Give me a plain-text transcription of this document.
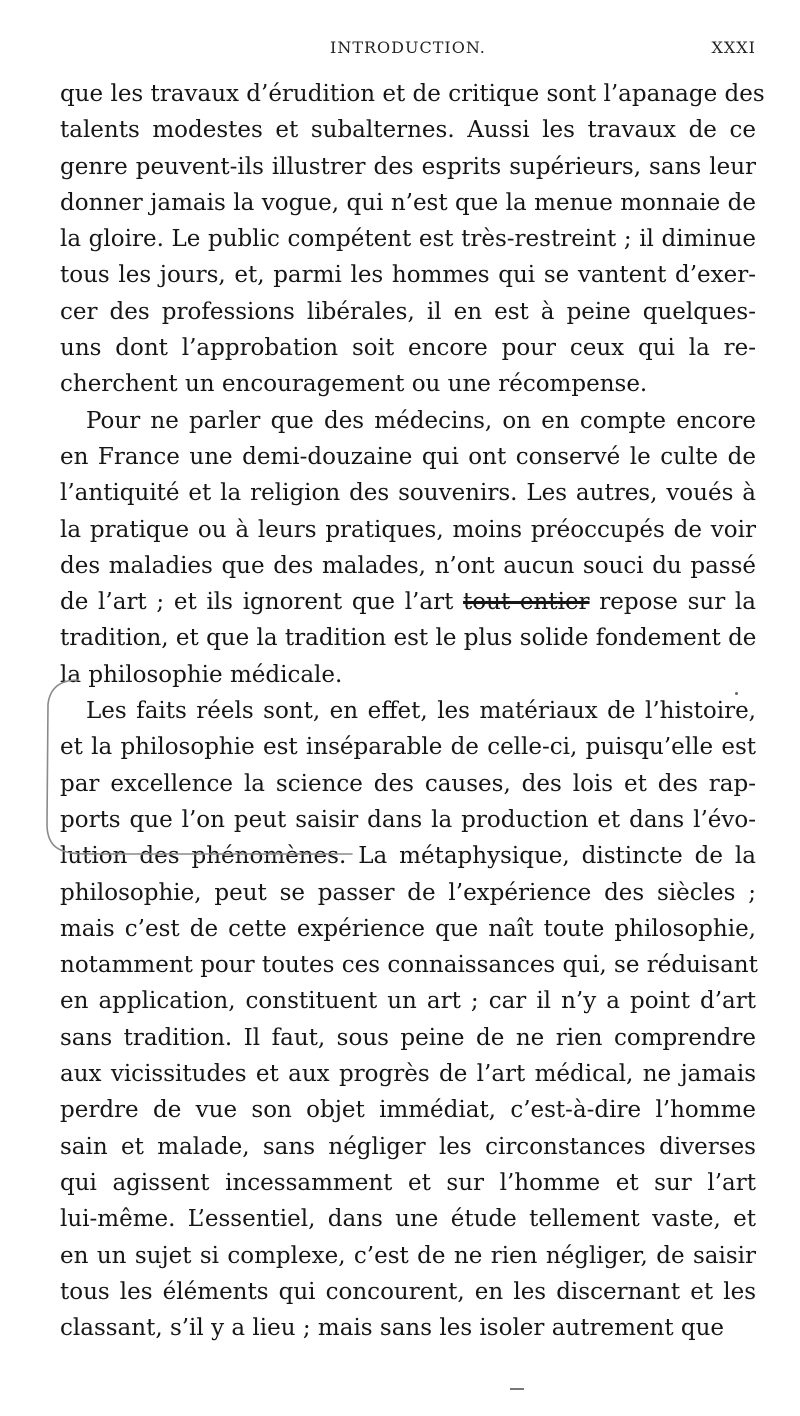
INTRODUCTION.	XXXI
que les travaux d’érudition et de critique sont l’apanage des
talents modestes et subalternes. Aussi les travaux de ce
genre peuvent-ils illustrer des esprits supérieurs, sans leur
donner jamais la vogue, qui n’est que la menue monnaie de
la gloire. Le public compétent est très-restreint ; il diminue
tous les jours, et, parmi les hommes qui se vantent d’exer-
cer des professions libérales, il en est à peine quelques-
uns dont l’approbation soit encore pour ceux qui la re-
cherchent un encouragement ou une récompense.
Pour ne parler que des médecins, on en compte encore
en France une demi-douzaine qui ont conservé le culte de
l’antiquité et la religion des souvenirs. Les autres, voués à
la pratique ou à leurs pratiques, moins préoccupés de voir
des maladies que des malades, n’ont aucun souci du passé
de l’art ; et ils ignorent que l’art tout entier repose sur la
tradition, et que la tradition est le plus solide fondement de
la philosophie médicale.
Les faits réels sont, en effet, les matériaux de l’histoire,
et la philosophie est inséparable de celle-ci, puisqu’elle est
par excellence la science des causes, des lois et des rap-
ports que l’on peut saisir dans la production et dans l’évo-
lution des phénomènes. La métaphysique, distincte de la
philosophie, peut se passer de l’expérience des siècles ;
mais c’est de cette expérience que naît toute philosophie,
notamment pour toutes ces connaissances qui, se réduisant
en application, constituent un art ; car il n’y a point d’art
sans tradition. Il faut, sous peine de ne rien comprendre
aux vicissitudes et aux progrès de l’art médical, ne jamais
perdre de vue son objet immédiat, c’est-à-dire l’homme
sain et malade, sans négliger les circonstances diverses
qui agissent incessamment et sur l’homme et sur l’art
lui-même. L’essentiel, dans une étude tellement vaste, et
en un sujet si complexe, c’est de ne rien négliger, de saisir
tous les éléments qui concourent, en les discernant et les
classant, s’il y a lieu ; mais sans les isoler autrement que
